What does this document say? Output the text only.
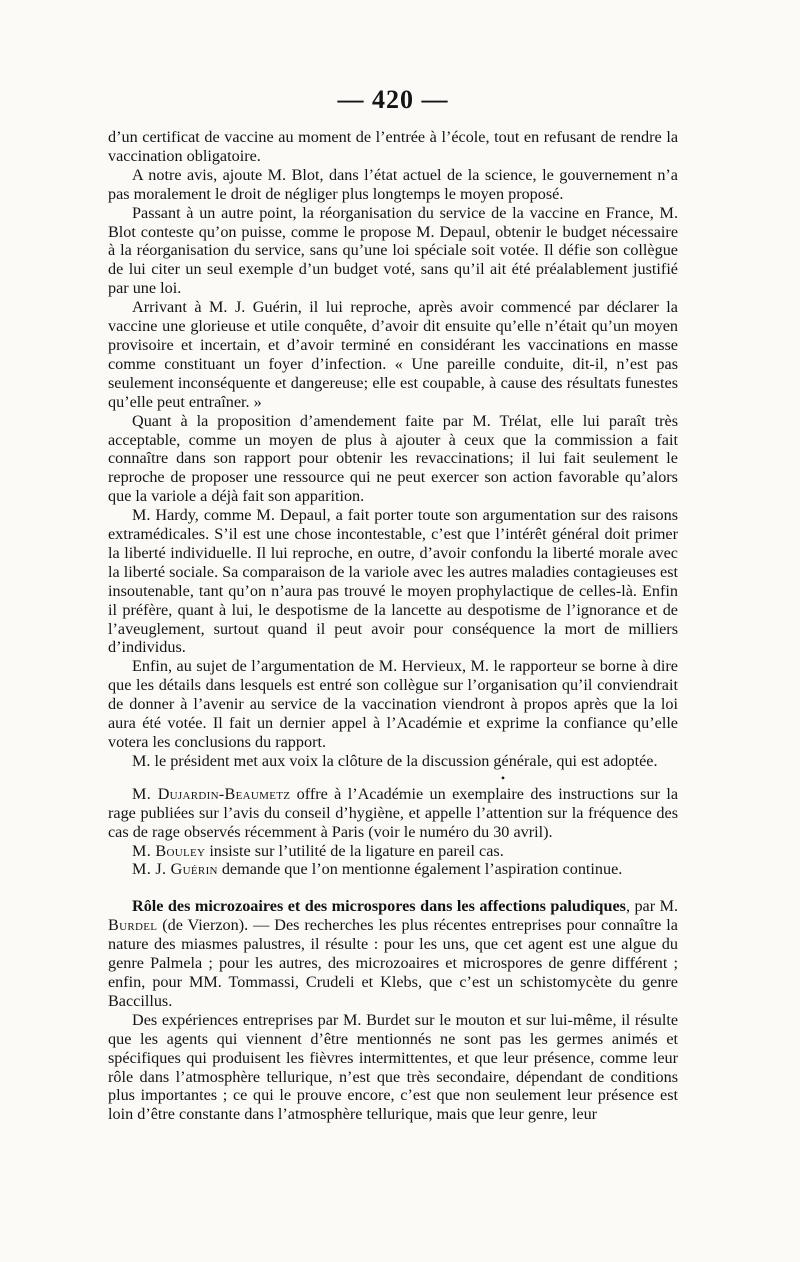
— 420 —

d’un certificat de vaccine au moment de l’entrée à l’école, tout en refusant de rendre la vaccination obligatoire.

A notre avis, ajoute M. Blot, dans l’état actuel de la science, le gouvernement n’a pas moralement le droit de négliger plus longtemps le moyen proposé.

Passant à un autre point, la réorganisation du service de la vaccine en France, M. Blot conteste qu’on puisse, comme le propose M. Depaul, obtenir le budget nécessaire à la réorganisation du service, sans qu’une loi spéciale soit votée. Il défie son collègue de lui citer un seul exemple d’un budget voté, sans qu’il ait été préalablement justifié par une loi.

Arrivant à M. J. Guérin, il lui reproche, après avoir commencé par déclarer la vaccine une glorieuse et utile conquête, d’avoir dit ensuite qu’elle n’était qu’un moyen provisoire et incertain, et d’avoir terminé en considérant les vaccinations en masse comme constituant un foyer d’infection. « Une pareille conduite, dit-il, n’est pas seulement inconséquente et dangereuse; elle est coupable, à cause des résultats funestes qu’elle peut entraîner. »

Quant à la proposition d’amendement faite par M. Trélat, elle lui paraît très acceptable, comme un moyen de plus à ajouter à ceux que la commission a fait connaître dans son rapport pour obtenir les revaccinations; il lui fait seulement le reproche de proposer une ressource qui ne peut exercer son action favorable qu’alors que la variole a déjà fait son apparition.

M. Hardy, comme M. Depaul, a fait porter toute son argumentation sur des raisons extramédicales. S’il est une chose incontestable, c’est que l’intérêt général doit primer la liberté individuelle. Il lui reproche, en outre, d’avoir confondu la liberté morale avec la liberté sociale. Sa comparaison de la variole avec les autres maladies contagieuses est insoutenable, tant qu’on n’aura pas trouvé le moyen prophylactique de celles-là. Enfin il préfère, quant à lui, le despotisme de la lancette au despotisme de l’ignorance et de l’aveuglement, surtout quand il peut avoir pour conséquence la mort de milliers d’individus.

Enfin, au sujet de l’argumentation de M. Hervieux, M. le rapporteur se borne à dire que les détails dans lesquels est entré son collègue sur l’organisation qu’il conviendrait de donner à l’avenir au service de la vaccination viendront à propos après que la loi aura été votée. Il fait un dernier appel à l’Académie et exprime la confiance qu’elle votera les conclusions du rapport.

M. le président met aux voix la clôture de la discussion générale, qui est adoptée.

•

M. Dujardin-Beaumetz offre à l’Académie un exemplaire des instructions sur la rage publiées sur l’avis du conseil d’hygiène, et appelle l’attention sur la fréquence des cas de rage observés récemment à Paris (voir le numéro du 30 avril).

M. Bouley insiste sur l’utilité de la ligature en pareil cas.

M. J. Guérin demande que l’on mentionne également l’aspiration continue.

Rôle des microzoaires et des microspores dans les affections paludiques, par M. Burdel (de Vierzon). — Des recherches les plus récentes entreprises pour connaître la nature des miasmes palustres, il résulte : pour les uns, que cet agent est une algue du genre Palmela ; pour les autres, des microzoaires et microspores de genre différent ; enfin, pour MM. Tommassi, Crudeli et Klebs, que c’est un schistomycète du genre Baccillus.

Des expériences entreprises par M. Burdet sur le mouton et sur lui-même, il résulte que les agents qui viennent d’être mentionnés ne sont pas les germes animés et spécifiques qui produisent les fièvres intermittentes, et que leur présence, comme leur rôle dans l’atmosphère tellurique, n’est que très secondaire, dépendant de conditions plus importantes ; ce qui le prouve encore, c’est que non seulement leur présence est loin d’être constante dans l’atmosphère tellurique, mais que leur genre, leur
